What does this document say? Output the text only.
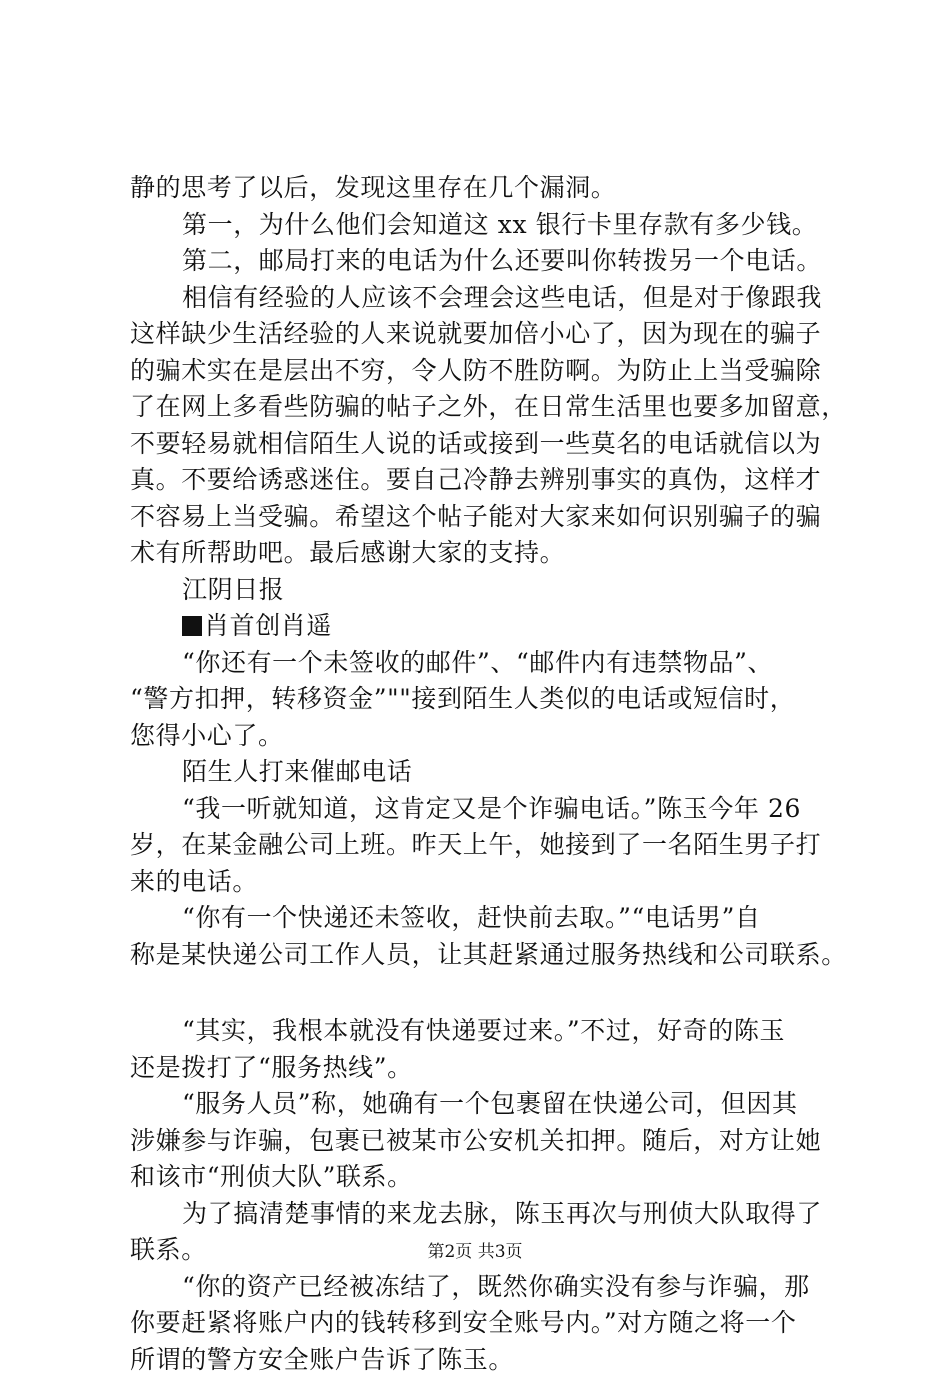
静的思考了以后，发现这里存在几个漏洞。
第一，为什么他们会知道这 xx 银行卡里存款有多少钱。
第二，邮局打来的电话为什么还要叫你转拨另一个电话。
相信有经验的人应该不会理会这些电话，但是对于像跟我
这样缺少生活经验的人来说就要加倍小心了，因为现在的骗子
的骗术实在是层出不穷，令人防不胜防啊。为防止上当受骗除
了在网上多看些防骗的帖子之外，在日常生活里也要多加留意，
不要轻易就相信陌生人说的话或接到一些莫名的电话就信以为
真。不要给诱惑迷住。要自己冷静去辨别事实的真伪，这样才
不容易上当受骗。希望这个帖子能对大家来如何识别骗子的骗
术有所帮助吧。最后感谢大家的支持。
江阴日报
肖首创肖遥
“你还有一个未签收的邮件”、“邮件内有违禁物品”、
“警方扣押，转移资金”""接到陌生人类似的电话或短信时，
您得小心了。
陌生人打来催邮电话
“我一听就知道，这肯定又是个诈骗电话。”陈玉今年 26
岁，在某金融公司上班。昨天上午，她接到了一名陌生男子打
来的电话。
“你有一个快递还未签收，赶快前去取。”“电话男”自
称是某快递公司工作人员，让其赶紧通过服务热线和公司联系。
“其实，我根本就没有快递要过来。”不过，好奇的陈玉
还是拨打了“服务热线”。
“服务人员”称，她确有一个包裹留在快递公司，但因其
涉嫌参与诈骗，包裹已被某市公安机关扣押。随后，对方让她
和该市“刑侦大队”联系。
为了搞清楚事情的来龙去脉，陈玉再次与刑侦大队取得了
联系。
“你的资产已经被冻结了，既然你确实没有参与诈骗，那
你要赶紧将账户内的钱转移到安全账号内。”对方随之将一个
所谓的警方安全账户告诉了陈玉。
第2页 共3页
